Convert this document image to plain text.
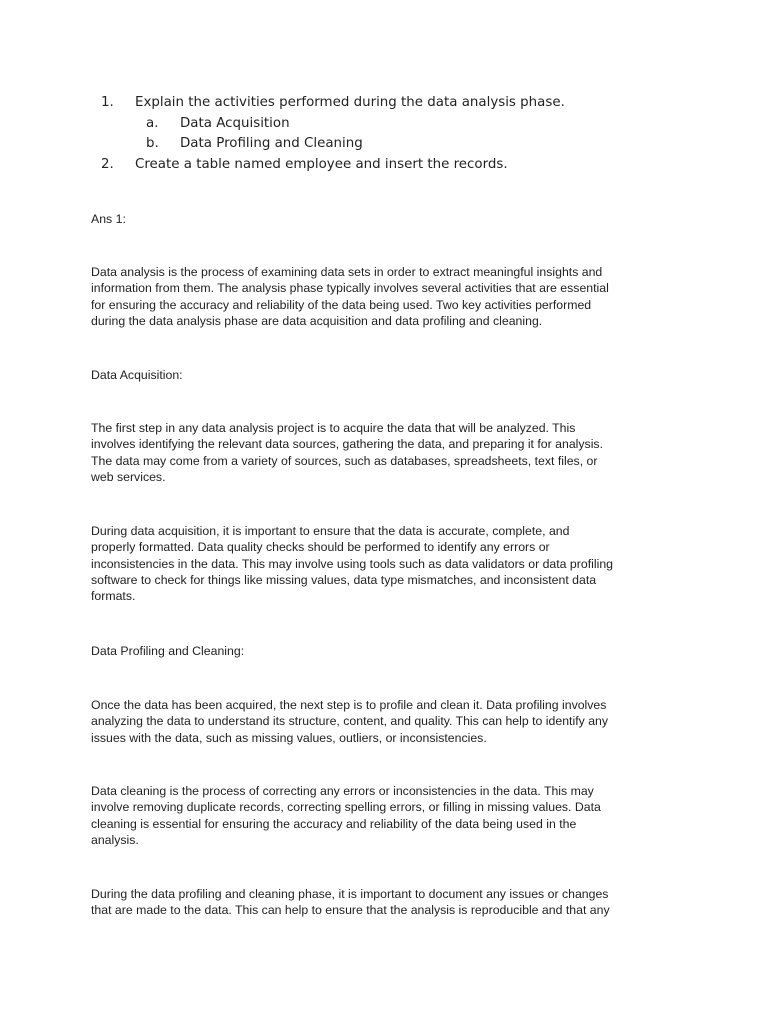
1. Explain the activities performed during the data analysis phase.
a. Data Acquisition
b. Data Profiling and Cleaning
2. Create a table named employee and insert the records.

Ans 1:

Data analysis is the process of examining data sets in order to extract meaningful insights and
information from them. The analysis phase typically involves several activities that are essential
for ensuring the accuracy and reliability of the data being used. Two key activities performed
during the data analysis phase are data acquisition and data profiling and cleaning.

Data Acquisition:

The first step in any data analysis project is to acquire the data that will be analyzed. This
involves identifying the relevant data sources, gathering the data, and preparing it for analysis.
The data may come from a variety of sources, such as databases, spreadsheets, text files, or
web services.

During data acquisition, it is important to ensure that the data is accurate, complete, and
properly formatted. Data quality checks should be performed to identify any errors or
inconsistencies in the data. This may involve using tools such as data validators or data profiling
software to check for things like missing values, data type mismatches, and inconsistent data
formats.

Data Profiling and Cleaning:

Once the data has been acquired, the next step is to profile and clean it. Data profiling involves
analyzing the data to understand its structure, content, and quality. This can help to identify any
issues with the data, such as missing values, outliers, or inconsistencies.

Data cleaning is the process of correcting any errors or inconsistencies in the data. This may
involve removing duplicate records, correcting spelling errors, or filling in missing values. Data
cleaning is essential for ensuring the accuracy and reliability of the data being used in the
analysis.

During the data profiling and cleaning phase, it is important to document any issues or changes
that are made to the data. This can help to ensure that the analysis is reproducible and that any
